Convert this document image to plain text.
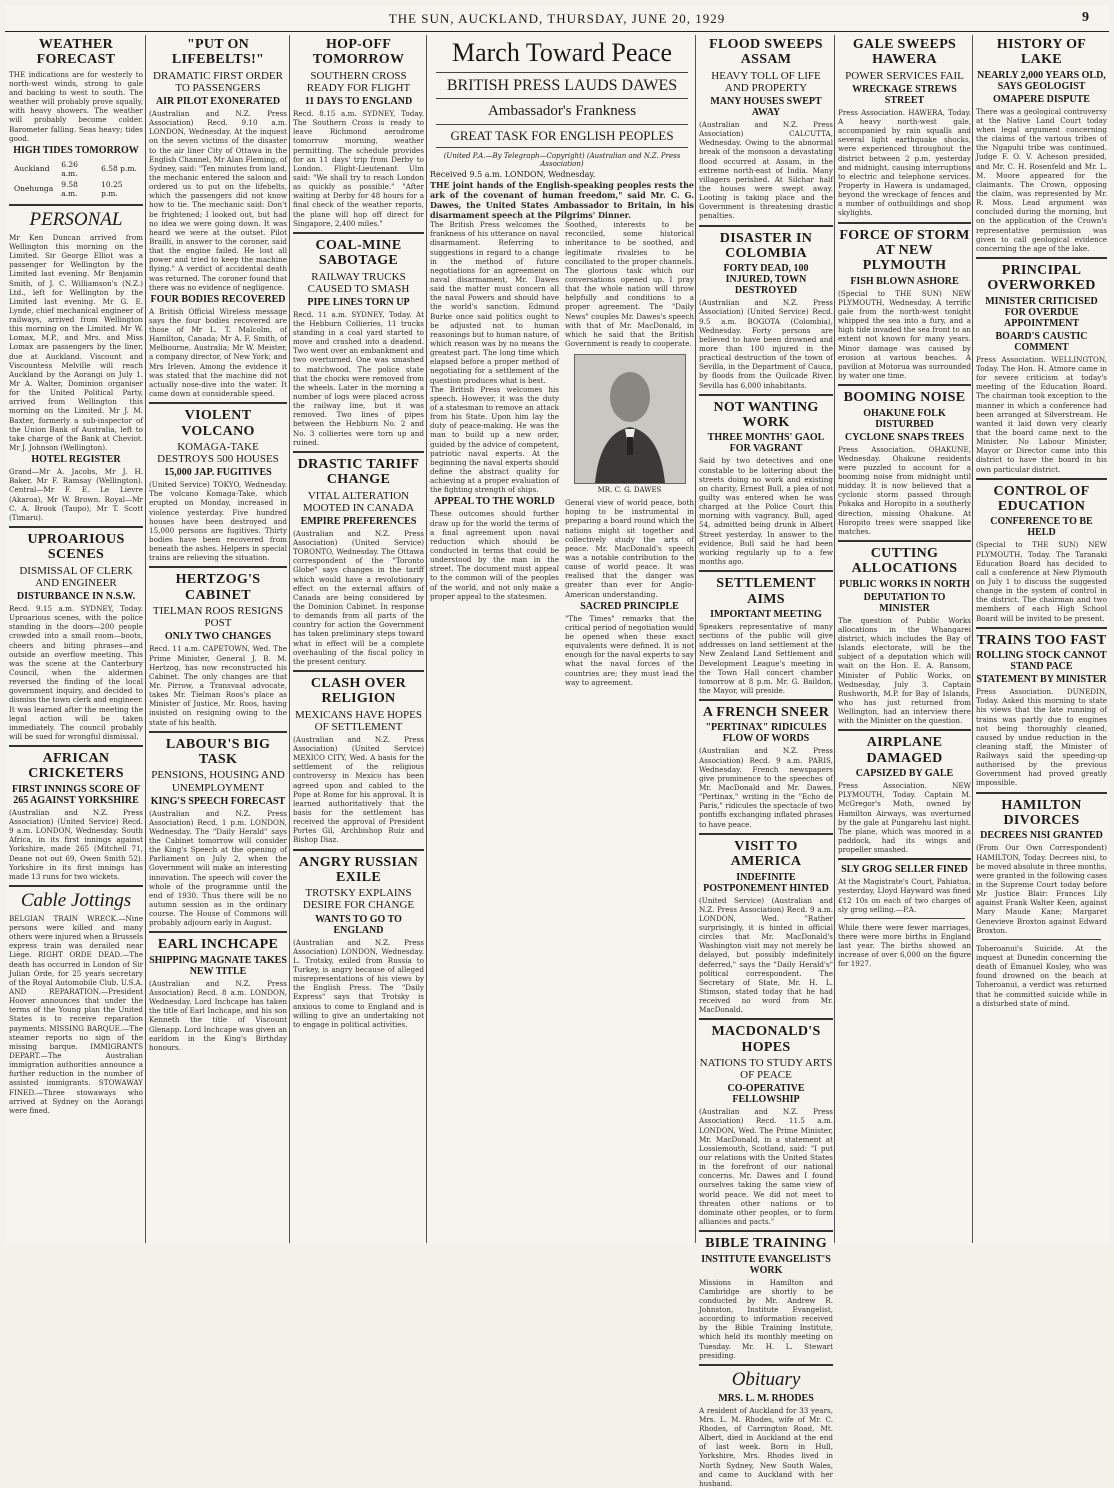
THE SUN, AUCKLAND, THURSDAY, JUNE 20, 1929	9
WEATHER FORECAST

THE indications are for westerly to north-west winds, strong to gale and backing to west to south. The weather will probably prove squally, with heavy showers. The weather will probably become colder. Barometer falling. Seas heavy; tides good.

HIGH TIDES TOMORROW
Auckland	6.26 a.m.	6.58 p.m.
Onehunga	9.58 a.m.	10.25 p.m.
PERSONAL

Mr Ken Duncan arrived from Wellington this morning on the Limited. Sir George Elliot was a passenger for Wellington by the Limited last evening. Mr Benjamin Smith, of J. C. Williamson's (N.Z.) Ltd., left for Wellington by the Limited last evening. Mr G. E. Lynde, chief mechanical engineer of railways, arrived from Wellington this morning on the Limited. Mr W. Lomax, M.P., and Mrs. and Miss Lomax are passengers by the liner, due at Auckland. Viscount and Viscountess Melville will reach Auckland by the Aorangi on July 1. Mr A. Walter, Dominion organiser for the United Political Party, arrived from Wellington this morning on the Limited. Mr J. M. Baxter, formerly a sub-inspector of the Union Bank of Australia, left to take charge of the Bank at Cheviot. Mr J. Johnson (Wellington).

HOTEL REGISTER

Grand—Mr A. Jacobs, Mr J. H. Baker, Mr F. Ramsay (Wellington). Central—Mr F. E. Le Lievre (Akaroa), Mr W. Brown. Royal—Mr C. A. Brook (Taupo), Mr T. Scott (Timaru).

UPROARIOUS SCENES
DISMISSAL OF CLERK AND ENGINEER
DISTURBANCE IN N.S.W.

Recd. 9.15 a.m. SYDNEY, Today. Uproarious scenes, with the police standing in the doors—200 people crowded into a small room—boots, cheers and biting phrases—and outside an overflow meeting. This was the scene at the Canterbury Council, when the aldermen reversed the finding of the local government inquiry, and decided to dismiss the town clerk and engineer. It was learned after the meeting the legal action will be taken immediately. The council probably will be sued for wrongful dismissal.

AFRICAN CRICKETERS
FIRST INNINGS SCORE OF 265 AGAINST YORKSHIRE

(Australian and N.Z. Press Association) (United Service) Recd. 9 a.m. LONDON, Wednesday. South Africa, in its first innings against Yorkshire, made 265 (Mitchell 71, Deane not out 69, Owen Smith 52). Yorkshire in its first innings has made 13 runs for two wickets.

Cable Jottings

BELGIAN TRAIN WRECK.—Nine persons were killed and many others were injured when a Brussels express train was derailed near Liège. RIGHT ORDE DEAD.—The death has occurred in London of Sir Julian Orde, for 25 years secretary of the Royal Automobile Club. U.S.A. AND REPARATION.—President Hoover announces that under the terms of the Young plan the United States is to receive reparation payments. MISSING BARQUE.—The steamer reports no sign of the missing barque. IMMIGRANTS DEPART.—The Australian immigration authorities announce a further reduction in the number of assisted immigrants. STOWAWAY FINED.—Three stowaways who arrived at Sydney on the Aorangi were fined.

"PUT ON LIFEBELTS!"
DRAMATIC FIRST ORDER TO PASSENGERS
AIR PILOT EXONERATED

(Australian and N.Z. Press Association) Recd. 9.10 a.m. LONDON, Wednesday. At the inquest on the seven victims of the disaster to the air liner City of Ottawa in the English Channel, Mr Alan Fleming, of Sydney, said: "Ten minutes from land, the mechanic entered the saloon and ordered us to put on the lifebelts, which the passengers did not know how to tie. The mechanic said: Don't be frightened; I looked out, but had no idea we were going down. It was heard we were at the outset. Pilot Brailli, in answer to the coroner, said that the engine failed. He lost all power and tried to keep the machine flying." A verdict of accidental death was returned. The coroner found that there was no evidence of negligence.

FOUR BODIES RECOVERED

A British Official Wireless message says the four bodies recovered are those of Mr L. T. Malcolm, of Hamilton, Canada; Mr A. F. Smith, of Melbourne, Australia; Mr W. Meister, a company director, of New York; and Mrs Irleven. Among the evidence it was stated that the machine did not actually nose-dive into the water. It came down at considerable speed.

VIOLENT VOLCANO
KOMAGA-TAKE DESTROYS 500 HOUSES
15,000 JAP. FUGITIVES

(United Service) TOKYO, Wednesday. The volcano Komaga-Take, which erupted on Monday, increased in violence yesterday. Five hundred houses have been destroyed and 15,000 persons are fugitives. Thirty bodies have been recovered from beneath the ashes. Helpers in special trains are relieving the situation.

HERTZOG'S CABINET
TIELMAN ROOS RESIGNS POST
ONLY TWO CHANGES

Recd. 11 a.m. CAPETOWN, Wed. The Prime Minister, General J. B. M. Hertzog, has now reconstructed his Cabinet. The only changes are that Mr. Pirrow, a Transvaal advocate, takes Mr. Tielman Roos's place as Minister of Justice, Mr. Roos, having insisted on resigning owing to the state of his health.

LABOUR'S BIG TASK
PENSIONS, HOUSING AND UNEMPLOYMENT
KING'S SPEECH FORECAST

(Australian and N.Z. Press Association) Recd. 1 p.m. LONDON, Wednesday. The "Daily Herald" says the Cabinet tomorrow will consider the King's Speech at the opening of Parliament on July 2, when the Government will make an interesting innovation. The speech will cover the whole of the programme until the end of 1930. Thus there will be no autumn session as in the ordinary course. The House of Commons will probably adjourn early in August.

EARL INCHCAPE
SHIPPING MAGNATE TAKES NEW TITLE

(Australian and N.Z. Press Association) Recd. 8 a.m. LONDON, Wednesday. Lord Inchcape has taken the title of Earl Inchcape, and his son Kenneth the title of Viscount Glenapp. Lord Inchcape was given an earldom in the King's Birthday honours.

HOP-OFF TOMORROW
SOUTHERN CROSS READY FOR FLIGHT
11 DAYS TO ENGLAND

Recd. 8.15 a.m. SYDNEY, Today. The Southern Cross is ready to leave Richmond aerodrome tomorrow morning, weather permitting. The schedule provides for an 11 days' trip from Derby to London. Flight-Lieutenant Ulm said: "We shall try to reach London as quickly as possible." "After waiting at Derby for 48 hours for a final check of the weather reports, the plane will hop off direct for Singapore, 2,400 miles."

COAL-MINE SABOTAGE
RAILWAY TRUCKS CAUSED TO SMASH
PIPE LINES TORN UP

Recd. 11 a.m. SYDNEY, Today. At the Hebburn Collieries, 11 trucks standing in a coal yard started to move and crashed into a deadend. Two went over an embankment and two overturned. One was smashed to matchwood. The police state that the chocks were removed from the wheels. Later in the morning a number of logs were placed across the railway line, but it was removed. Two lines of pipes between the Hebburn No. 2 and No. 3 collieries were torn up and ruined.

DRASTIC TARIFF CHANGE
VITAL ALTERATION MOOTED IN CANADA
EMPIRE PREFERENCES

(Australian and N.Z. Press Association) (United Service) TORONTO, Wednesday. The Ottawa correspondent of the "Toronto Globe" says changes in the tariff which would have a revolutionary effect on the external affairs of Canada are being considered by the Dominion Cabinet. In response to demands from all parts of the country for action the Government has taken preliminary steps toward what in effect will be a complete overhauling of the fiscal policy in the present century.

CLASH OVER RELIGION
MEXICANS HAVE HOPES OF SETTLEMENT

(Australian and N.Z. Press Association) (United Service) MEXICO CITY, Wed. A basis for the settlement of the religious controversy in Mexico has been agreed upon and cabled to the Pope at Rome for his approval. It is learned authoritatively that the basis for the settlement has received the approval of President Portes Gil, Archbishop Ruiz and Bishop Diaz.

ANGRY RUSSIAN EXILE
TROTSKY EXPLAINS DESIRE FOR CHANGE
WANTS TO GO TO ENGLAND

(Australian and N.Z. Press Association) LONDON, Wednesday. L. Trotsky, exiled from Russia to Turkey, is angry because of alleged misrepresentations of his views by the English Press. The "Daily Express" says that Trotsky is anxious to come to England and is willing to give an undertaking not to engage in political activities.

March Toward Peace
BRITISH PRESS LAUDS DAWES
Ambassador's Frankness
GREAT TASK FOR ENGLISH PEOPLES
(United P.A.—By Telegraph—Copyright) (Australian and N.Z. Press Association)
Received 9.5 a.m. LONDON, Wednesday.

THE joint hands of the English-speaking peoples rests the ark of the covenant of human freedom," said Mr. C. G. Dawes, the United States Ambassador to Britain, in his disarmament speech at the Pilgrims' Dinner.

The British Press welcomes the frankness of his utterance on naval disarmament. Referring to suggestions in regard to a change in the method of future negotiations for an agreement on naval disarmament, Mr. Dawes said the matter must concern all the naval Powers and should have the world's sanction. Edmund Burke once said politics ought to be adjusted not to human reasonings but to human nature, of which reason was by no means the greatest part. The long time which elapsed before a proper method of negotiating for a settlement of the question produces what is best.

The British Press welcomes his speech. However, it was the duty of a statesman to remove an attack from his State. Upon him lay the duty of peace-making. He was the man to build up a new order, guided by the advice of competent, patriotic naval experts. At the beginning the naval experts should define the abstract quality for achieving at a proper evaluation of the fighting strength of ships.

APPEAL TO THE WORLD

These outcomes should further draw up for the world the terms of a final agreement upon naval reduction which should be conducted in terms that could be understood by the man in the street. The document must appeal to the common will of the peoples of the world, and not only make a proper appeal to the statesmen.

Soothed, interests to be reconciled, some historical inheritance to be soothed, and legitimate rivalries to be conciliated to the proper channels. The glorious task which our conversations opened up. I pray that the whole nation will throw helpfully and conditions to a proper agreement. The "Daily News" couples Mr. Dawes's speech with that of Mr. MacDonald, in which he said that the British Government is ready to cooperate.

MR. C. G. DAWES

General view of world peace, both hoping to be instrumental in preparing a board round which the nations might sit together and collectively study the arts of peace. Mr. MacDonald's speech was a notable contribution to the cause of world peace. It was realised that the danger was greater than ever for Anglo-American understanding.

SACRED PRINCIPLE

"The Times" remarks that the critical period of negotiation would be opened when these exact equivalents were defined. It is not enough for the naval experts to say what the naval forces of the countries are; they must lead the way to agreement.

FLOOD SWEEPS ASSAM
HEAVY TOLL OF LIFE AND PROPERTY
MANY HOUSES SWEPT AWAY

(Australian and N.Z. Press Association) CALCUTTA, Wednesday. Owing to the abnormal break of the monsoon a devastating flood occurred at Assam, in the extreme north-east of India. Many villagers perished. At Silchar half the houses were swept away. Looting is taking place and the Government is threatening drastic penalties.

DISASTER IN COLOMBIA
FORTY DEAD, 100 INJURED, TOWN DESTROYED

(Australian and N.Z. Press Association) (United Service) Recd. 9.5 a.m. BOGOTA (Colombia), Wednesday. Forty persons are believed to have been drowned and more than 100 injured in the practical destruction of the town of Sevilla, in the Department of Cauca, by floods from the Quilcade River. Sevilla has 6,000 inhabitants.

NOT WANTING WORK
THREE MONTHS' GAOL FOR VAGRANT

Said by two detectives and one constable to be loitering about the streets doing no work and existing on charity, Ernest Bull, a plea of not guilty was entered when he was charged at the Police Court this morning with vagrancy. Bull, aged 54, admitted being drunk in Albert Street yesterday. In answer to the evidence, Bull said he had been working regularly up to a few months ago.

SETTLEMENT AIMS
IMPORTANT MEETING

Speakers representative of many sections of the public will give addresses on land settlement at the New Zealand Land Settlement and Development League's meeting in the Town Hall concert chamber tomorrow at 8 p.m. Mr. G. Baildon, the Mayor, will preside.

A FRENCH SNEER
"PERTINAX" RIDICULES FLOW OF WORDS

(Australian and N.Z. Press Association) Recd. 9 a.m. PARIS, Wednesday. French newspapers give prominence to the speeches of Mr. MacDonald and Mr. Dawes. "Pertinax," writing in the "Echo de Paris," ridicules the spectacle of two pontiffs exchanging inflated phrases to have peace.

VISIT TO AMERICA
INDEFINITE POSTPONEMENT HINTED

(United Service) (Australian and N.Z. Press Association) Recd. 9 a.m. LONDON, Wed. "Rather surprisingly, it is hinted in official circles that Mr. MacDonald's Washington visit may not merely be delayed, but possibly indefinitely deferred," says the "Daily Herald's" political correspondent. The Secretary of State, Mr. H. L. Stimson, stated today that he had received no word from Mr. MacDonald.

MACDONALD'S HOPES
NATIONS TO STUDY ARTS OF PEACE
CO-OPERATIVE FELLOWSHIP

(Australian and N.Z. Press Association) Recd. 11.5 a.m. LONDON, Wed. The Prime Minister, Mr. MacDonald, in a statement at Lossiemouth, Scotland, said: "I put our relations with the United States in the forefront of our national concerns. Mr. Dawes and I found ourselves taking the same view of world peace. We did not meet to threaten other nations or to dominate other peoples, or to form alliances and pacts."

BIBLE TRAINING
INSTITUTE EVANGELIST'S WORK

Missions in Hamilton and Cambridge are shortly to be conducted by Mr. Andrew R. Johnston, Institute Evangelist, according to information received by the Bible Training Institute, which held its monthly meeting on Tuesday. Mr. H. L. Stewart presiding.

Obituary
MRS. L. M. RHODES

A resident of Auckland for 33 years, Mrs. L. M. Rhodes, wife of Mr. C. Rhodes, of Carrington Road, Mt. Albert, died in Auckland at the end of last week. Born in Hull, Yorkshire, Mrs. Rhodes lived in North Sydney, New South Wales, and came to Auckland with her husband.

GALE SWEEPS HAWERA
POWER SERVICES FAIL
WRECKAGE STREWS STREET

Press Association. HAWERA, Today. A heavy north-west gale, accompanied by rain squalls and several light earthquake shocks, were experienced throughout the district between 2 p.m. yesterday and midnight, causing interruptions to electric and telephone services. Property in Hawera is undamaged, beyond the wreckage of fences and a number of outbuildings and shop skylights.

FORCE OF STORM AT NEW PLYMOUTH
FISH BLOWN ASHORE

(Special to THE SUN) NEW PLYMOUTH, Wednesday. A terrific gale from the north-west tonight whipped the sea into a fury, and a high tide invaded the sea front to an extent not known for many years. Minor damage was caused by erosion at various beaches. A pavilion at Motorua was surrounded by water one time.

BOOMING NOISE
OHAKUNE FOLK DISTURBED
CYCLONE SNAPS TREES

Press Association. OHAKUNE, Wednesday. Ohakune residents were puzzled to account for a booming noise from midnight until midday. It is now believed that a cyclonic storm passed through Pokaka and Horopito in a southerly direction, missing Ohakune. At Horopito trees were snapped like matches.

CUTTING ALLOCATIONS
PUBLIC WORKS IN NORTH
DEPUTATION TO MINISTER

The question of Public Works allocations in the Whangarei district, which includes the Bay of Islands electorate, will be the subject of a deputation which will wait on the Hon. E. A. Ransom, Minister of Public Works, on Wednesday, July 3. Captain Rushworth, M.P. for Bay of Islands, who has just returned from Wellington, had an interview there with the Minister on the question.

AIRPLANE DAMAGED
CAPSIZED BY GALE

Press Association. NEW PLYMOUTH, Today. Captain M. McGregor's Moth, owned by Hamilton Airways, was overturned by the gale at Pungarehu last night. The plane, which was moored in a paddock, had its wings and propeller smashed.

SLY GROG SELLER FINED

At the Magistrate's Court, Pahiatua, yesterday, Lloyd Hayward was fined £12 10s on each of two charges of sly grog selling.—P.A.

While there were fewer marriages, there were more births in England last year. The births showed an increase of over 6,000 on the figure for 1927.

HISTORY OF LAKE
NEARLY 2,000 YEARS OLD, SAYS GEOLOGIST
OMAPERE DISPUTE

There was a geological controversy at the Native Land Court today when legal argument concerning the claims of the various tribes of the Ngapuhi tribe was continued. Judge F. O. V. Acheson presided, and Mr. C. H. Rosenfeld and Mr. L. M. Moore appeared for the claimants. The Crown, opposing the claim, was represented by Mr. R. Moss. Lead argument was concluded during the morning, but on the application of the Crown's representative permission was given to call geological evidence concerning the age of the lake.

PRINCIPAL OVERWORKED
MINISTER CRITICISED FOR OVERDUE APPOINTMENT
BOARD'S CAUSTIC COMMENT

Press Association. WELLINGTON, Today. The Hon. H. Atmore came in for severe criticism at today's meeting of the Education Board. The chairman took exception to the manner in which a conference had been arranged at Silverstream. He wanted it laid down very clearly that the board came next to the Minister. No Labour Minister, Mayor or Director came into this district to have the board in his own particular district.

CONTROL OF EDUCATION
CONFERENCE TO BE HELD

(Special to THE SUN) NEW PLYMOUTH, Today. The Taranaki Education Board has decided to call a conference at New Plymouth on July 1 to discuss the suggested change in the system of control in the district. The chairman and two members of each High School Board will be invited to be present.

TRAINS TOO FAST
ROLLING STOCK CANNOT STAND PACE
STATEMENT BY MINISTER

Press Association. DUNEDIN, Today. Asked this morning to state his views that the late running of trains was partly due to engines not being thoroughly cleaned, caused by undue reduction in the cleaning staff, the Minister of Railways said the speeding-up authorised by the previous Government had proved greatly impossible.

HAMILTON DIVORCES
DECREES NISI GRANTED

(From Our Own Correspondent) HAMILTON, Today. Decrees nisi, to be moved absolute in three months, were granted in the following cases in the Supreme Court today before Mr Justice Blair: Frances Lily against Frank Walter Keen, against Mary Maude Kane; Margaret Genevieve Broxton against Edward Broxton.

Toheroanui's Suicide. At the inquest at Dunedin concerning the death of Emanuel Kosley, who was found drowned on the beach at Toheroanui, a verdict was returned that he committed suicide while in a disturbed state of mind.
